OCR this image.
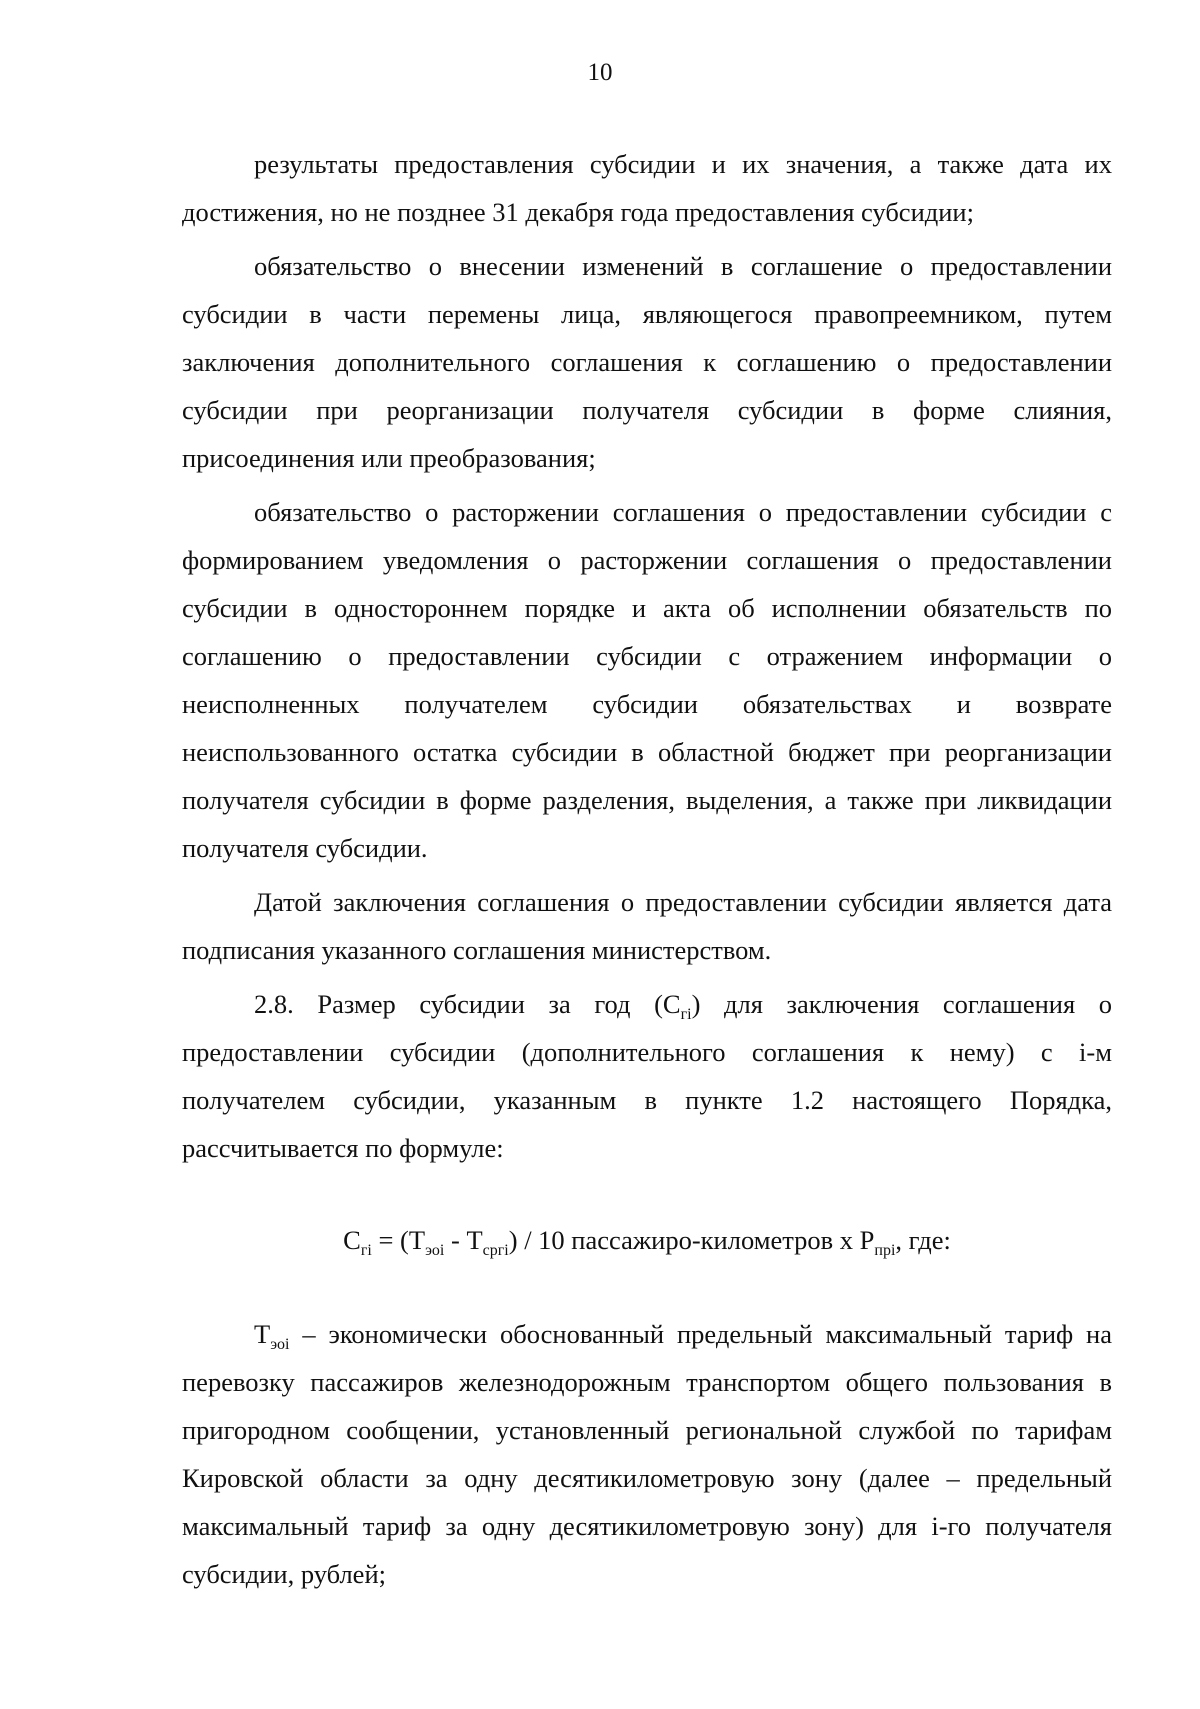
10

результаты предоставления субсидии и их значения, а также дата их достижения, но не позднее 31 декабря года предоставления субсидии;

обязательство о внесении изменений в соглашение о предоставлении субсидии в части перемены лица, являющегося правопреемником, путем заключения дополнительного соглашения к соглашению о предоставлении субсидии при реорганизации получателя субсидии в форме слияния, присоединения или преобразования;

обязательство о расторжении соглашения о предоставлении субсидии с формированием уведомления о расторжении соглашения о предоставлении субсидии в одностороннем порядке и акта об исполнении обязательств по соглашению о предоставлении субсидии с отражением информации о неисполненных получателем субсидии обязательствах и возврате неиспользованного остатка субсидии в областной бюджет при реорганизации получателя субсидии в форме разделения, выделения, а также при ликвидации получателя субсидии.

Датой заключения соглашения о предоставлении субсидии является дата подписания указанного соглашения министерством.

2.8. Размер субсидии за год $(С_{гi})$ для заключения соглашения о предоставлении субсидии (дополнительного соглашения к нему) с i-м получателем субсидии, указанным в пункте 1.2 настоящего Порядка, рассчитывается по формуле:

$С_{гi} = (Т_{эоi} - Т_{сргi}) / 10$ пассажиро-километров х $Р_{прi}$, где:

$Т_{эоi}$ – экономически обоснованный предельный максимальный тариф на перевозку пассажиров железнодорожным транспортом общего пользования в пригородном сообщении, установленный региональной службой по тарифам Кировской области за одну десятикилометровую зону (далее – предельный максимальный тариф за одну десятикилометровую зону) для i-го получателя субсидии, рублей;
